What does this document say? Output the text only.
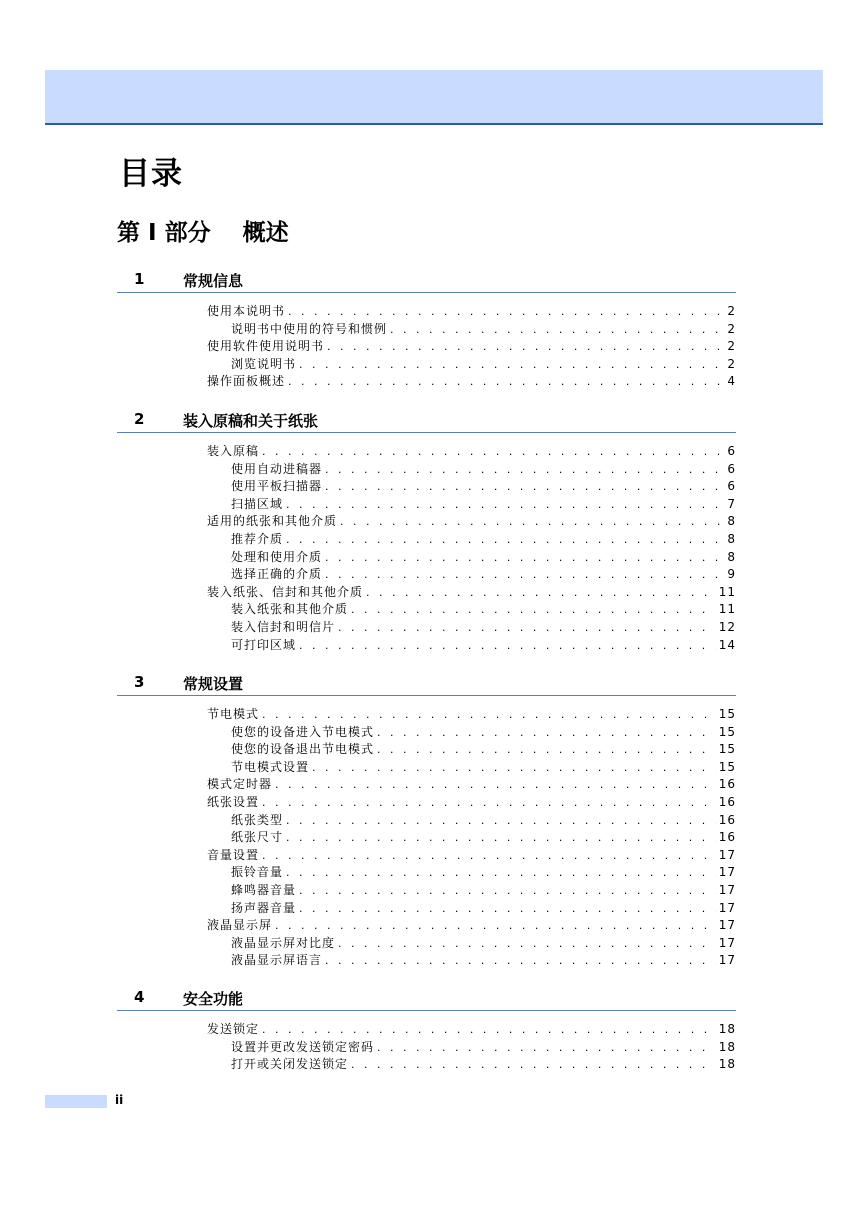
目录
第 I 部分    概述
1	常规信息
使用本说明书 . . .	2
说明书中使用的符号和惯例 . . .	2
使用软件使用说明书 . . .	2
浏览说明书 . . .	2
操作面板概述 . . .	4
2	装入原稿和关于纸张
装入原稿 . . .	6
使用自动进稿器 . . .	6
使用平板扫描器 . . .	6
扫描区域 . . .	7
适用的纸张和其他介质 . . .	8
推荐介质 . . .	8
处理和使用介质 . . .	8
选择正确的介质 . . .	9
装入纸张、信封和其他介质 . . .	11
装入纸张和其他介质 . . .	11
装入信封和明信片 . . .	12
可打印区域 . . .	14
3	常规设置
节电模式 . . .	15
使您的设备进入节电模式 . . .	15
使您的设备退出节电模式 . . .	15
节电模式设置 . . .	15
模式定时器 . . .	16
纸张设置 . . .	16
纸张类型 . . .	16
纸张尺寸 . . .	16
音量设置 . . .	17
振铃音量 . . .	17
蜂鸣器音量 . . .	17
扬声器音量 . . .	17
液晶显示屏 . . .	17
液晶显示屏对比度 . . .	17
液晶显示屏语言 . . .	17
4	安全功能
发送锁定 . . .	18
设置并更改发送锁定密码 . . .	18
打开或关闭发送锁定 . . .	18
ii
